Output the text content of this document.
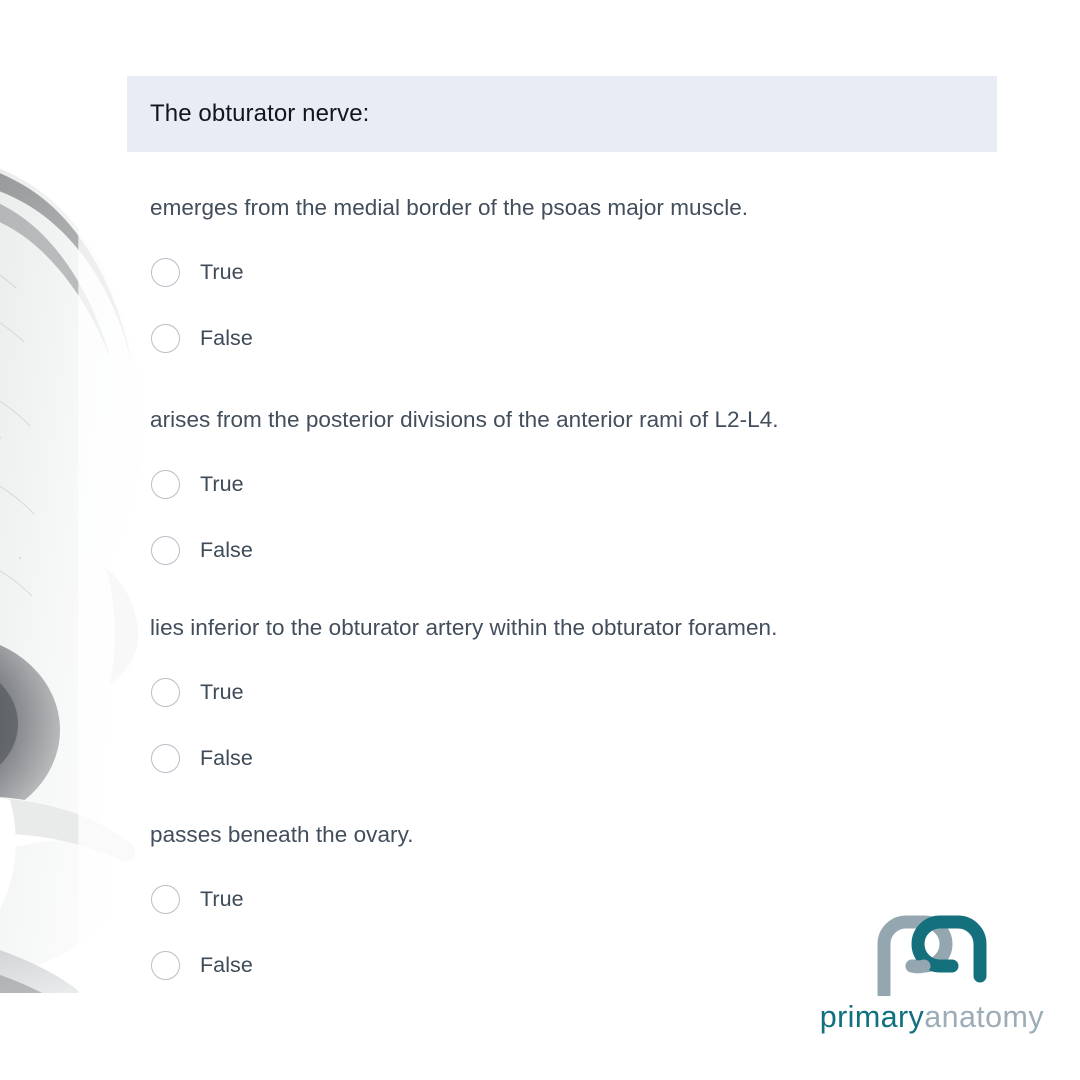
The obturator nerve:
emerges from the medial border of the psoas major muscle.
True
False
arises from the posterior divisions of the anterior rami of L2-L4.
True
False
lies inferior to the obturator artery within the obturator foramen.
True
False
passes beneath the ovary.
True
False
primaryanatomy
